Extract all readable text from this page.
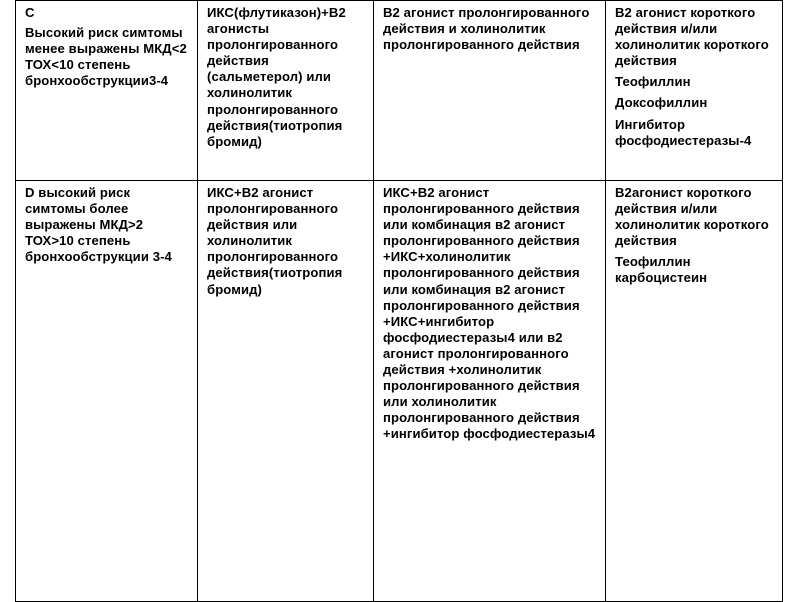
C
Высокий риск симтомы менее выражены МКД<2 ТОХ<10 степень бронхообструкции3-4	ИКС(флутиказон)+В2 агонисты пролонгированного действия (сальметерол) или холинолитик пролонгированного действия(тиотропия бромид)	В2 агонист пролонгированного действия и холинолитик пролонгированного действия	В2 агонист короткого действия и/или холинолитик короткого действия
Теофиллин
Доксофиллин
Ингибитор фосфодиестеразы-4

D высокий риск симтомы более выражены МКД>2 ТОХ>10 степень бронхообструкции 3-4	ИКС+В2 агонист пролонгированного действия или холинолитик пролонгированного действия(тиотропия бромид)	ИКС+В2 агонист пролонгированного действия или комбинация в2 агонист пролонгированного действия +ИКС+холинолитик пролонгированного действия или комбинация в2 агонист пролонгированного действия +ИКС+ингибитор фосфодиестеразы4 или в2 агонист пролонгированного действия +холинолитик пролонгированного действия или холинолитик пролонгированного действия +ингибитор фосфодиестеразы4	В2агонист короткого действия и/или холинолитик короткого действия
Теофиллин карбоцистеин
